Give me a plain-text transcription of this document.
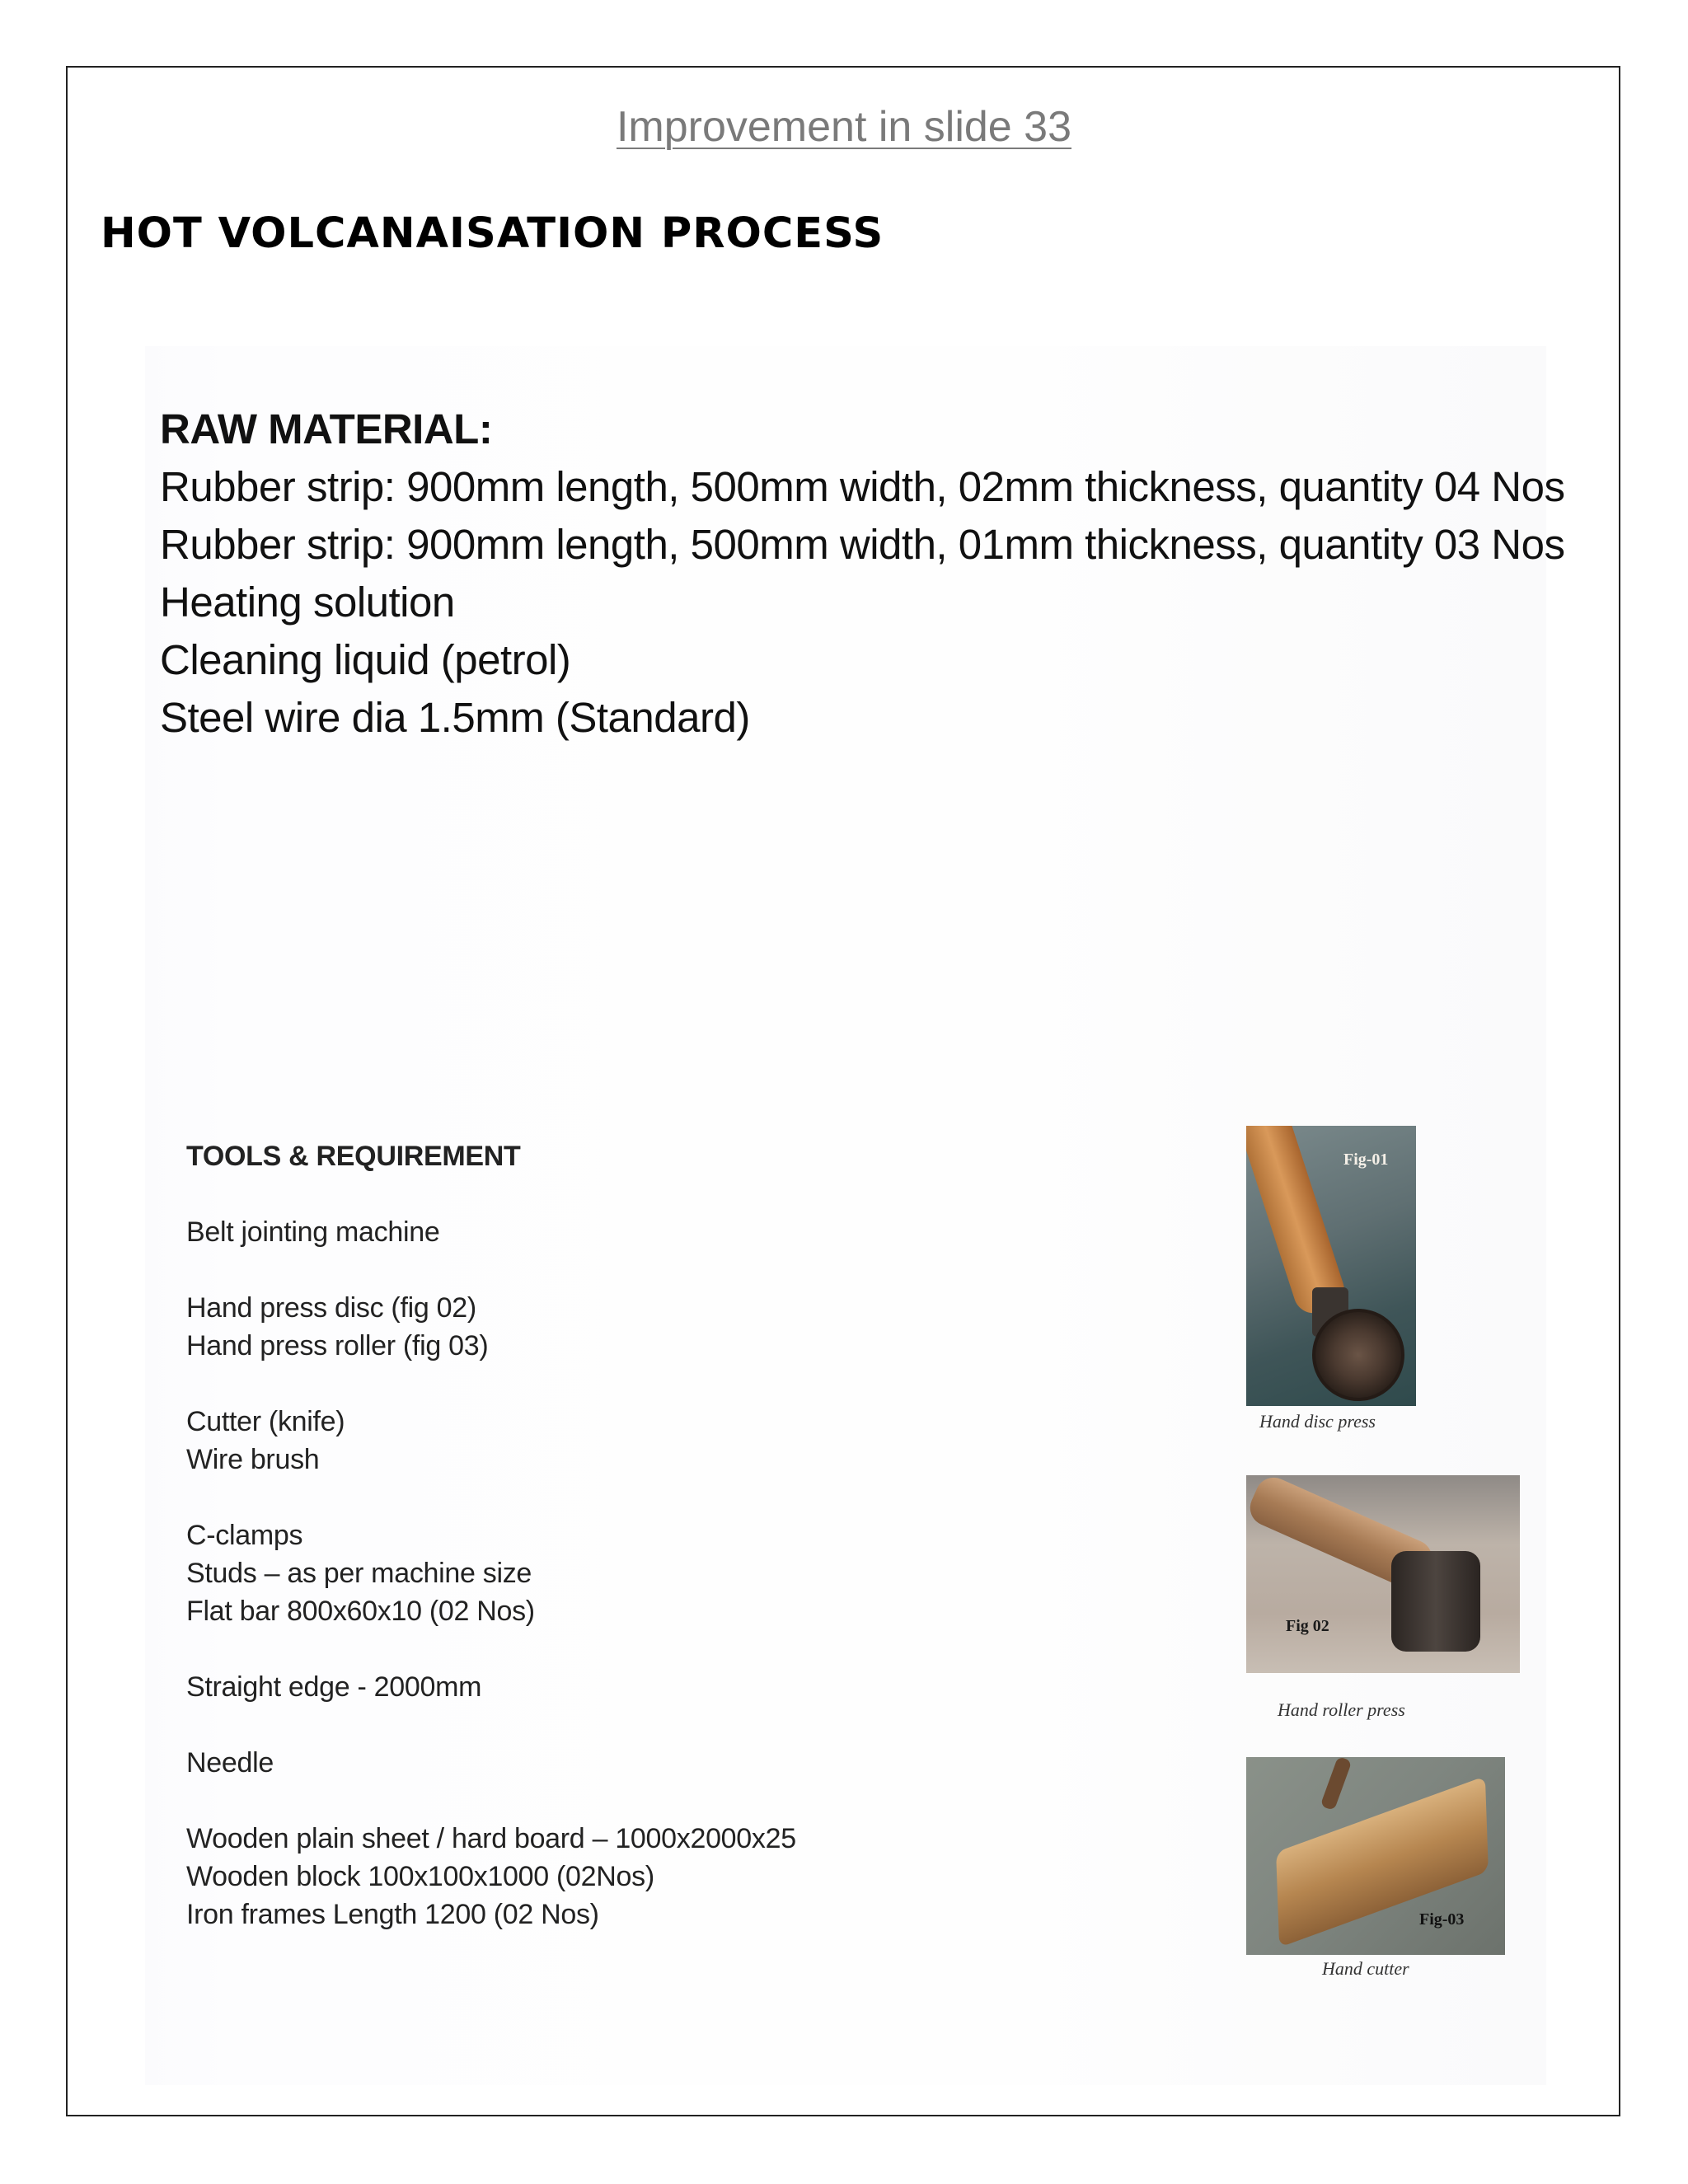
Improvement in slide 33
HOT VOLCANAISATION PROCESS
RAW MATERIAL:
Rubber strip: 900mm length, 500mm width, 02mm thickness, quantity 04 Nos
Rubber strip: 900mm length, 500mm width, 01mm thickness, quantity 03 Nos
Heating solution
Cleaning liquid (petrol)
Steel wire dia 1.5mm (Standard)
TOOLS & REQUIREMENT
Belt jointing machine
Hand press disc (fig 02)
Hand press roller (fig 03)
Cutter (knife)
Wire brush
C-clamps
Studs – as per machine size
Flat bar 800x60x10 (02 Nos)
Straight edge - 2000mm
Needle
Wooden plain sheet / hard board – 1000x2000x25
Wooden block 100x100x1000 (02Nos)
Iron frames Length 1200 (02 Nos)
Fig-01
Hand disc press
Fig 02
Hand roller press
Fig-03
Hand cutter
